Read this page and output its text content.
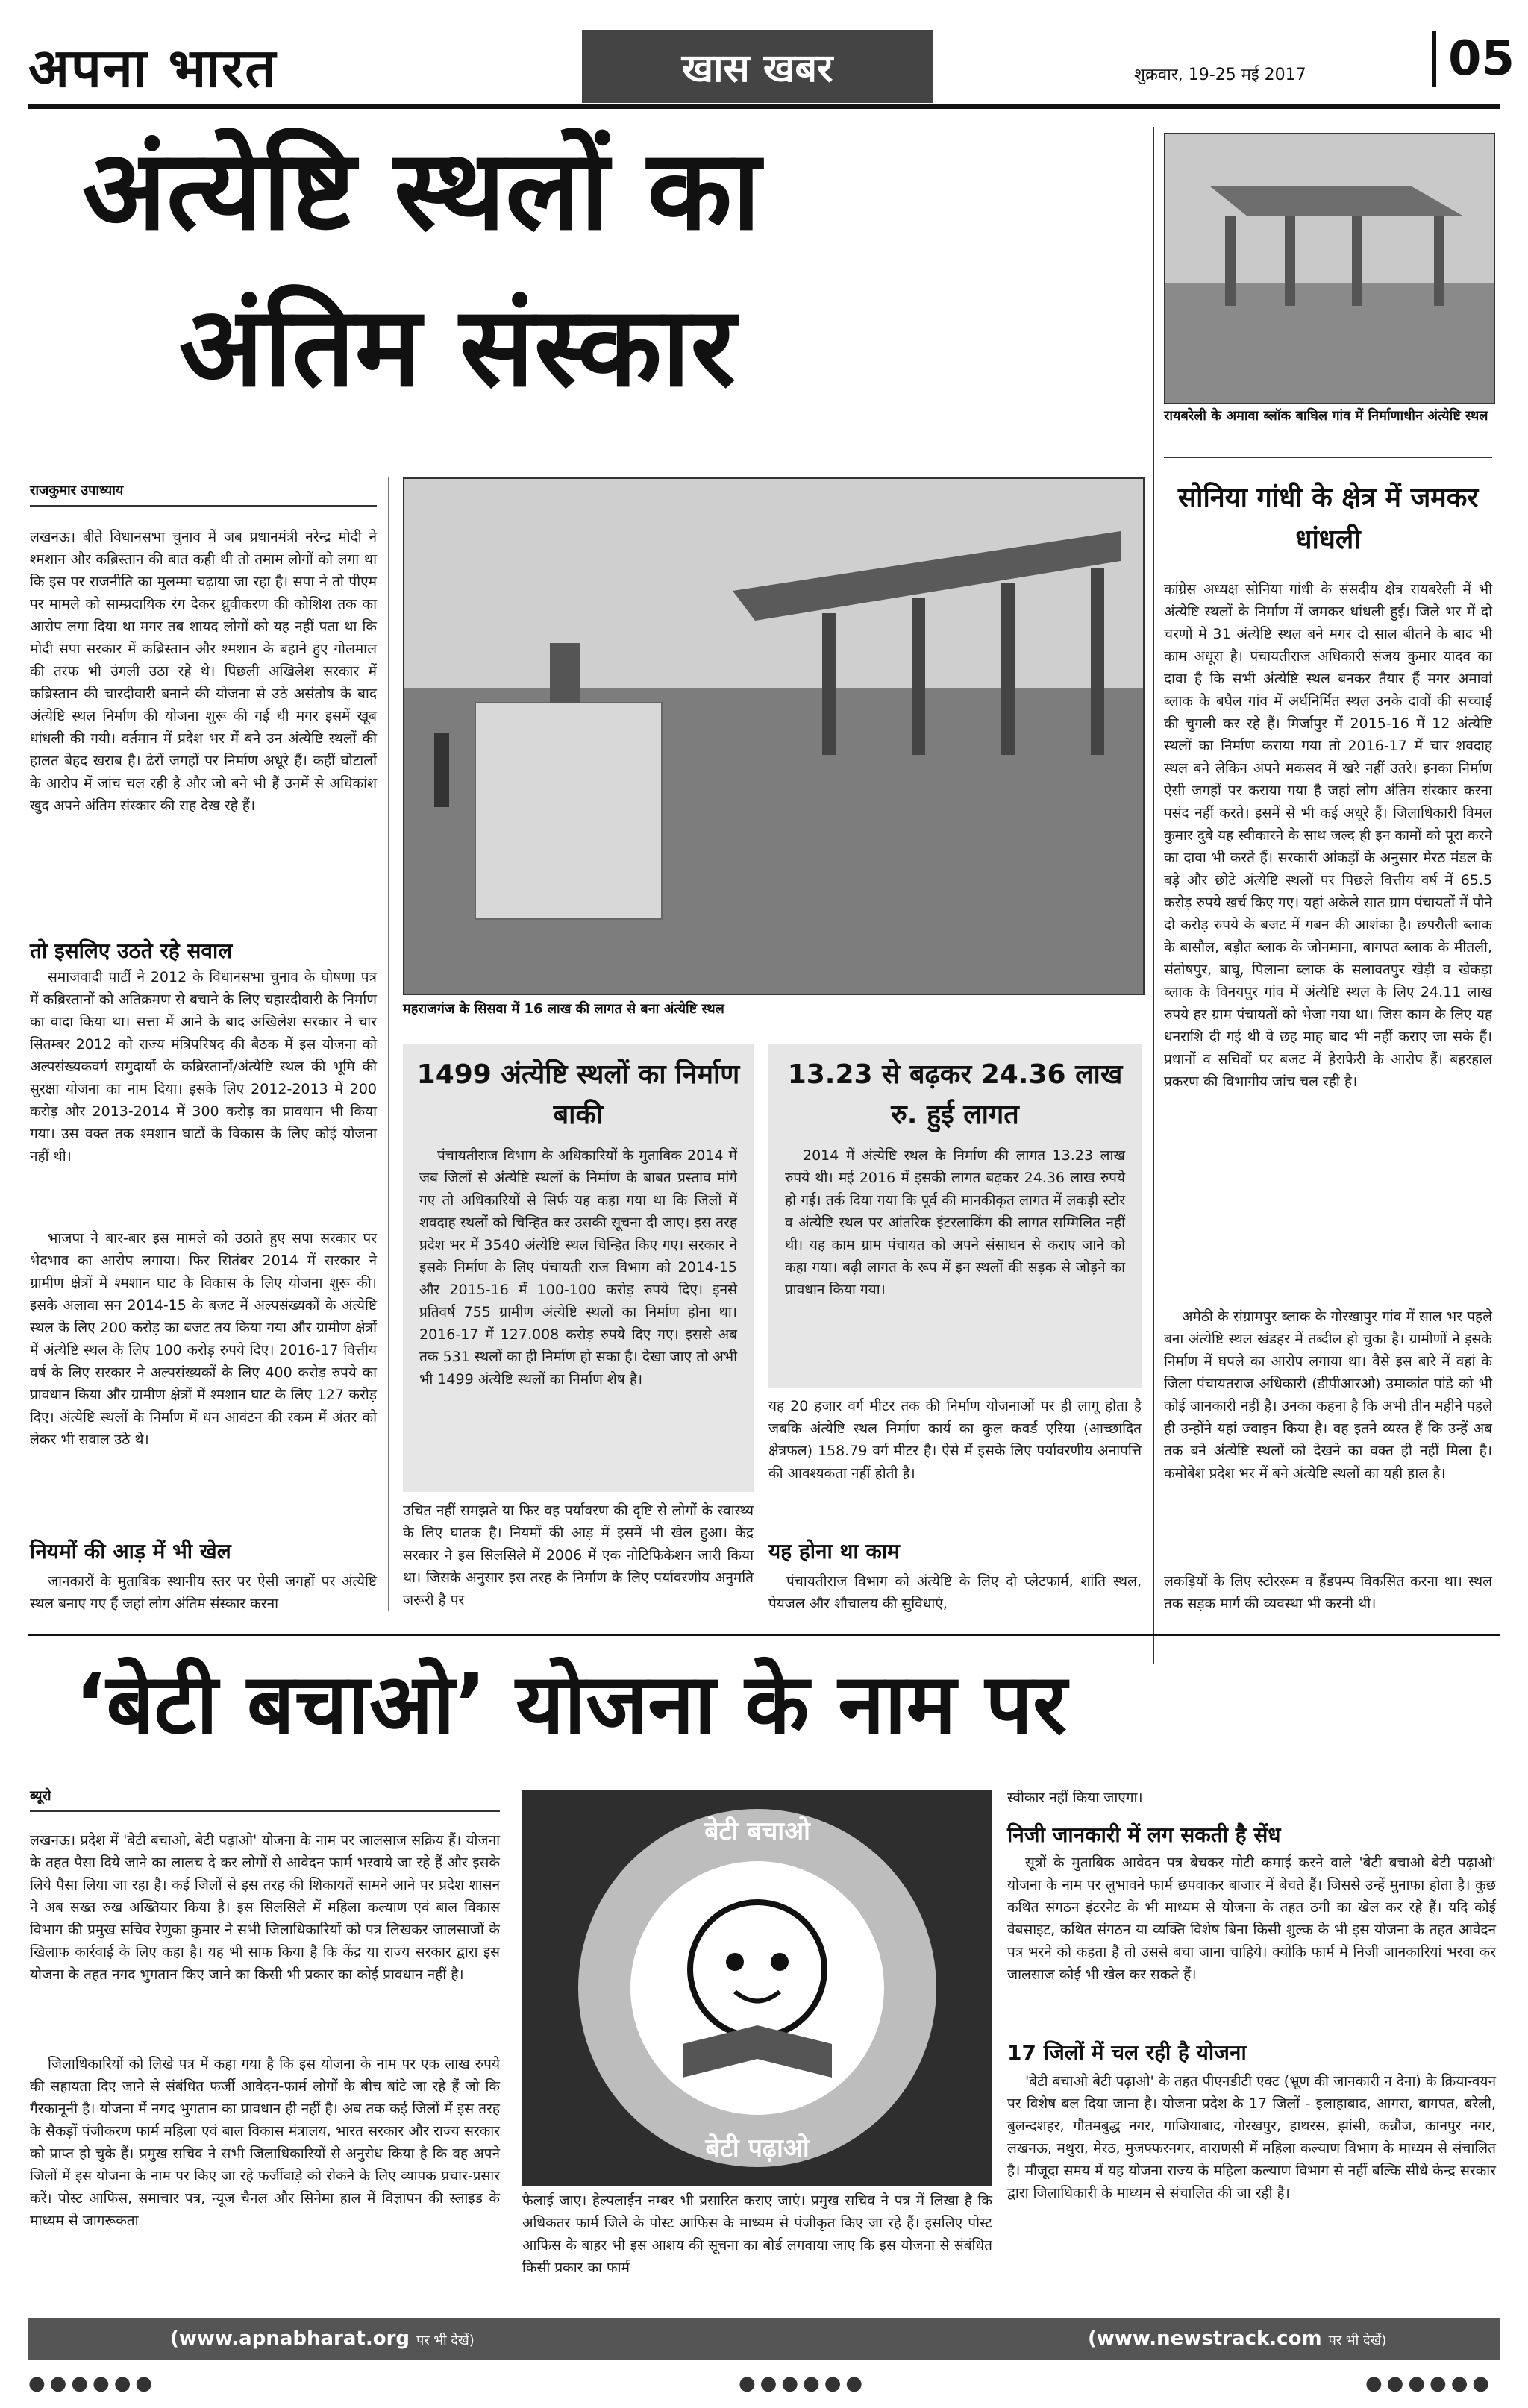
अपना भारत	खास खबर	शुक्रवार, 19-25 मई 2017	05
अंत्येष्टि स्थलों का
अंतिम संस्कार
रायबरेली के अमावा ब्लॉक बाघिल गांव में निर्माणाधीन अंत्येष्टि स्थल
सोनिया गांधी के क्षेत्र में जमकर धांधली
कांग्रेस अध्यक्ष सोनिया गांधी के संसदीय क्षेत्र रायबरेली में भी अंत्येष्टि स्थलों के निर्माण में जमकर धांधली हुई। जिले भर में दो चरणों में 31 अंत्येष्टि स्थल बने मगर दो साल बीतने के बाद भी काम अधूरा है। पंचायतीराज अधिकारी संजय कुमार यादव का दावा है कि सभी अंत्येष्टि स्थल बनकर तैयार हैं मगर अमावां ब्लाक के बघैल गांव में अर्धनिर्मित स्थल उनके दावों की सच्चाई की चुगली कर रहे हैं। मिर्जापुर में 2015-16 में 12 अंत्येष्टि स्थलों का निर्माण कराया गया तो 2016-17 में चार शवदाह स्थल बने लेकिन अपने मकसद में खरे नहीं उतरे। इनका निर्माण ऐसी जगहों पर कराया गया है जहां लोग अंतिम संस्कार करना पसंद नहीं करते। इसमें से भी कई अधूरे हैं। जिलाधिकारी विमल कुमार दुबे यह स्वीकारने के साथ जल्द ही इन कामों को पूरा करने का दावा भी करते हैं। सरकारी आंकड़ों के अनुसार मेरठ मंडल के बड़े और छोटे अंत्येष्टि स्थलों पर पिछले वित्तीय वर्ष में 65.5 करोड़ रुपये खर्च किए गए। यहां अकेले सात ग्राम पंचायतों में पौने दो करोड़ रुपये के बजट में गबन की आशंका है। छपरौली ब्लाक के बासौल, बड़ौत ब्लाक के जोनमाना, बागपत ब्लाक के मीतली, संतोषपुर, बाघू, पिलाना ब्लाक के सलावतपुर खेड़ी व खेकड़ा ब्लाक के विनयपुर गांव में अंत्येष्टि स्थल के लिए 24.11 लाख रुपये हर ग्राम पंचायतों को भेजा गया था। जिस काम के लिए यह धनराशि दी गई थी वे छह माह बाद भी नहीं कराए जा सके हैं। प्रधानों व सचिवों पर बजट में हेराफेरी के आरोप हैं। बहरहाल प्रकरण की विभागीय जांच चल रही है।
अमेठी के संग्रामपुर ब्लाक के गोरखापुर गांव में साल भर पहले बना अंत्येष्टि स्थल खंडहर में तब्दील हो चुका है। ग्रामीणों ने इसके निर्माण में घपले का आरोप लगाया था। वैसे इस बारे में वहां के जिला पंचायतराज अधिकारी (डीपीआरओ) उमाकांत पांडे को भी कोई जानकारी नहीं है। उनका कहना है कि अभी तीन महीने पहले ही उन्होंने यहां ज्वाइन किया है। वह इतने व्यस्त हैं कि उन्हें अब तक बने अंत्येष्टि स्थलों को देखने का वक्त ही नहीं मिला है। कमोबेश प्रदेश भर में बने अंत्येष्टि स्थलों का यही हाल है।
राजकुमार उपाध्याय
लखनऊ। बीते विधानसभा चुनाव में जब प्रधानमंत्री नरेन्द्र मोदी ने श्मशान और कब्रिस्तान की बात कही थी तो तमाम लोगों को लगा था कि इस पर राजनीति का मुलम्मा चढ़ाया जा रहा है। सपा ने तो पीएम पर मामले को साम्प्रदायिक रंग देकर ध्रुवीकरण की कोशिश तक का आरोप लगा दिया था मगर तब शायद लोगों को यह नहीं पता था कि मोदी सपा सरकार में कब्रिस्तान और श्मशान के बहाने हुए गोलमाल की तरफ भी उंगली उठा रहे थे। पिछली अखिलेश सरकार में कब्रिस्तान की चारदीवारी बनाने की योजना से उठे असंतोष के बाद अंत्येष्टि स्थल निर्माण की योजना शुरू की गई थी मगर इसमें खूब धांधली की गयी। वर्तमान में प्रदेश भर में बने उन अंत्येष्टि स्थलों की हालत बेहद खराब है। ढेरों जगहों पर निर्माण अधूरे हैं। कहीं घोटालों के आरोप में जांच चल रही है और जो बने भी हैं उनमें से अधिकांश खुद अपने अंतिम संस्कार की राह देख रहे हैं।
तो इसलिए उठते रहे सवाल
समाजवादी पार्टी ने 2012 के विधानसभा चुनाव के घोषणा पत्र में कब्रिस्तानों को अतिक्रमण से बचाने के लिए चहारदीवारी के निर्माण का वादा किया था। सत्ता में आने के बाद अखिलेश सरकार ने चार सितम्बर 2012 को राज्य मंत्रिपरिषद की बैठक में इस योजना को अल्पसंख्यकवर्ग समुदायों के कब्रिस्तानों/अंत्येष्टि स्थल की भूमि की सुरक्षा योजना का नाम दिया। इसके लिए 2012-2013 में 200 करोड़ और 2013-2014 में 300 करोड़ का प्रावधान भी किया गया। उस वक्त तक श्मशान घाटों के विकास के लिए कोई योजना नहीं थी।
भाजपा ने बार-बार इस मामले को उठाते हुए सपा सरकार पर भेदभाव का आरोप लगाया। फिर सितंबर 2014 में सरकार ने ग्रामीण क्षेत्रों में श्मशान घाट के विकास के लिए योजना शुरू की। इसके अलावा सन 2014-15 के बजट में अल्पसंख्यकों के अंत्येष्टि स्थल के लिए 200 करोड़ का बजट तय किया गया और ग्रामीण क्षेत्रों में अंत्येष्टि स्थल के लिए 100 करोड़ रुपये दिए। 2016-17 वित्तीय वर्ष के लिए सरकार ने अल्पसंख्यकों के लिए 400 करोड़ रुपये का प्रावधान किया और ग्रामीण क्षेत्रों में श्मशान घाट के लिए 127 करोड़ दिए। अंत्येष्टि स्थलों के निर्माण में धन आवंटन की रकम में अंतर को लेकर भी सवाल उठे थे।
नियमों की आड़ में भी खेल
जानकारों के मुताबिक स्थानीय स्तर पर ऐसी जगहों पर अंत्येष्टि स्थल बनाए गए हैं जहां लोग अंतिम संस्कार करना
महराजगंज के सिसवा में 16 लाख की लागत से बना अंत्येष्टि स्थल
1499 अंत्येष्टि स्थलों का निर्माण बाकी
पंचायतीराज विभाग के अधिकारियों के मुताबिक 2014 में जब जिलों से अंत्येष्टि स्थलों के निर्माण के बाबत प्रस्ताव मांगे गए तो अधिकारियों से सिर्फ यह कहा गया था कि जिलों में शवदाह स्थलों को चिन्हित कर उसकी सूचना दी जाए। इस तरह प्रदेश भर में 3540 अंत्येष्टि स्थल चिन्हित किए गए। सरकार ने इसके निर्माण के लिए पंचायती राज विभाग को 2014-15 और 2015-16 में 100-100 करोड़ रुपये दिए। इनसे प्रतिवर्ष 755 ग्रामीण अंत्येष्टि स्थलों का निर्माण होना था। 2016-17 में 127.008 करोड़ रुपये दिए गए। इससे अब तक 531 स्थलों का ही निर्माण हो सका है। देखा जाए तो अभी भी 1499 अंत्येष्टि स्थलों का निर्माण शेष है।
उचित नहीं समझते या फिर वह पर्यावरण की दृष्टि से लोगों के स्वास्थ्य के लिए घातक है। नियमों की आड़ में इसमें भी खेल हुआ। केंद्र सरकार ने इस सिलसिले में 2006 में एक नोटिफिकेशन जारी किया था। जिसके अनुसार इस तरह के निर्माण के लिए पर्यावरणीय अनुमति जरूरी है पर
13.23 से बढ़कर 24.36 लाख रु. हुई लागत
2014 में अंत्येष्टि स्थल के निर्माण की लागत 13.23 लाख रुपये थी। मई 2016 में इसकी लागत बढ़कर 24.36 लाख रुपये हो गई। तर्क दिया गया कि पूर्व की मानकीकृत लागत में लकड़ी स्टोर व अंत्येष्टि स्थल पर आंतरिक इंटरलाकिंग की लागत सम्मिलित नहीं थी। यह काम ग्राम पंचायत को अपने संसाधन से कराए जाने को कहा गया। बढ़ी लागत के रूप में इन स्थलों की सड़क से जोड़ने का प्रावधान किया गया।
यह 20 हजार वर्ग मीटर तक की निर्माण योजनाओं पर ही लागू होता है जबकि अंत्येष्टि स्थल निर्माण कार्य का कुल कवर्ड एरिया (आच्छादित क्षेत्रफल) 158.79 वर्ग मीटर है। ऐसे में इसके लिए पर्यावरणीय अनापत्ति की आवश्यकता नहीं होती है।
यह होना था काम
पंचायतीराज विभाग को अंत्येष्टि के लिए दो प्लेटफार्म, शांति स्थल, पेयजल और शौचालय की सुविधाएं,
लकड़ियों के लिए स्टोररूम व हैंडपम्प विकसित करना था। स्थल तक सड़क मार्ग की व्यवस्था भी करनी थी।
‘बेटी बचाओ’ योजना के नाम पर
ब्यूरो
लखनऊ। प्रदेश में 'बेटी बचाओ, बेटी पढ़ाओ' योजना के नाम पर जालसाज सक्रिय हैं। योजना के तहत पैसा दिये जाने का लालच दे कर लोगों से आवेदन फार्म भरवाये जा रहे हैं और इसके लिये पैसा लिया जा रहा है। कई जिलों से इस तरह की शिकायतें सामने आने पर प्रदेश शासन ने अब सख्त रुख अख्तियार किया है। इस सिलसिले में महिला कल्याण एवं बाल विकास विभाग की प्रमुख सचिव रेणुका कुमार ने सभी जिलाधिकारियों को पत्र लिखकर जालसाजों के खिलाफ कार्रवाई के लिए कहा है। यह भी साफ किया है कि केंद्र या राज्य सरकार द्वारा इस योजना के तहत नगद भुगतान किए जाने का किसी भी प्रकार का कोई प्रावधान नहीं है।
जिलाधिकारियों को लिखे पत्र में कहा गया है कि इस योजना के नाम पर एक लाख रुपये की सहायता दिए जाने से संबंधित फर्जी आवेदन-फार्म लोगों के बीच बांटे जा रहे हैं जो कि गैरकानूनी है। योजना में नगद भुगतान का प्रावधान ही नहीं है। अब तक कई जिलों में इस तरह के सैकड़ों पंजीकरण फार्म महिला एवं बाल विकास मंत्रालय, भारत सरकार और राज्य सरकार को प्राप्त हो चुके हैं। प्रमुख सचिव ने सभी जिलाधिकारियों से अनुरोध किया है कि वह अपने जिलों में इस योजना के नाम पर किए जा रहे फर्जीवाड़े को रोकने के लिए व्यापक प्रचार-प्रसार करें। पोस्ट आफिस, समाचार पत्र, न्यूज चैनल और सिनेमा हाल में विज्ञापन की स्लाइड के माध्यम से जागरूकता
बेटी बचाओ
बेटी पढ़ाओ
फैलाई जाए। हेल्पलाईन नम्बर भी प्रसारित कराए जाएं। प्रमुख सचिव ने पत्र में लिखा है कि अधिकतर फार्म जिले के पोस्ट आफिस के माध्यम से पंजीकृत किए जा रहे हैं। इसलिए पोस्ट आफिस के बाहर भी इस आशय की सूचना का बोर्ड लगवाया जाए कि इस योजना से संबंधित किसी प्रकार का फार्म
स्वीकार नहीं किया जाएगा।
निजी जानकारी में लग सकती है सेंध
सूत्रों के मुताबिक आवेदन पत्र बेचकर मोटी कमाई करने वाले 'बेटी बचाओ बेटी पढ़ाओ' योजना के नाम पर लुभावने फार्म छपवाकर बाजार में बेचते हैं। जिससे उन्हें मुनाफा होता है। कुछ कथित संगठन इंटरनेट के भी माध्यम से योजना के तहत ठगी का खेल कर रहे हैं। यदि कोई वेबसाइट, कथित संगठन या व्यक्ति विशेष बिना किसी शुल्क के भी इस योजना के तहत आवेदन पत्र भरने को कहता है तो उससे बचा जाना चाहिये। क्योंकि फार्म में निजी जानकारियां भरवा कर जालसाज कोई भी खेल कर सकते हैं।
17 जिलों में चल रही है योजना
'बेटी बचाओ बेटी पढ़ाओ' के तहत पीएनडीटी एक्ट (भ्रूण की जानकारी न देना) के क्रियान्वयन पर विशेष बल दिया जाना है। योजना प्रदेश के 17 जिलों - इलाहाबाद, आगरा, बागपत, बरेली, बुलन्दशहर, गौतमबुद्ध नगर, गाजियाबाद, गोरखपुर, हाथरस, झांसी, कन्नौज, कानपुर नगर, लखनऊ, मथुरा, मेरठ, मुजफ्फरनगर, वाराणसी में महिला कल्याण विभाग के माध्यम से संचालित है। मौजूदा समय में यह योजना राज्य के महिला कल्याण विभाग से नहीं बल्कि सीधे केन्द्र सरकार द्वारा जिलाधिकारी के माध्यम से संचालित की जा रही है।
(www.apnabharat.org पर भी देखें)	(www.newstrack.com पर भी देखें)
●●●●●●	●●●●●●	●●●●●●
